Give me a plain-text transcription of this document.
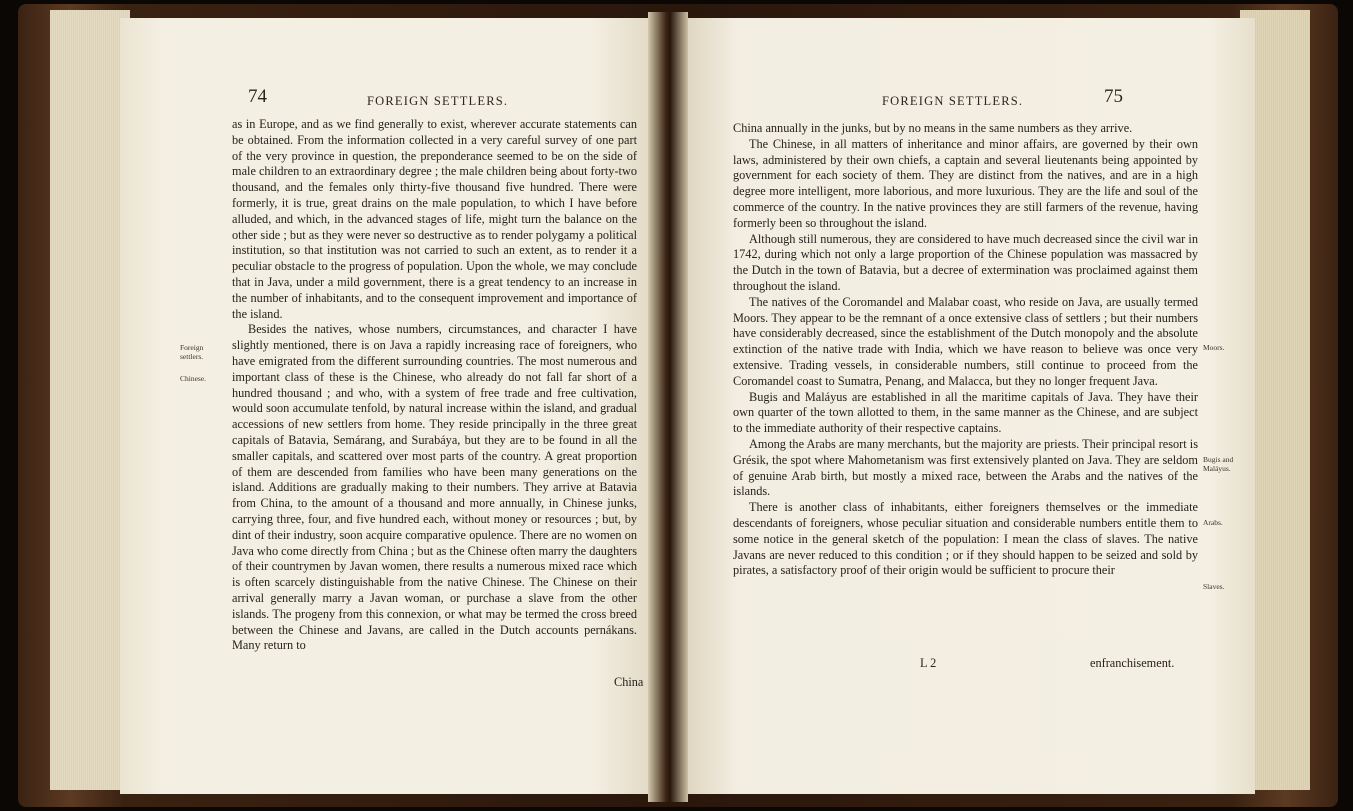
74	FOREIGN SETTLERS.

as in Europe, and as we find generally to exist, wherever accurate statements can be obtained. From the information collected in a very careful survey of one part of the very province in question, the preponderance seemed to be on the side of male children to an extraordinary degree ; the male children being about forty-two thousand, and the females only thirty-five thousand five hundred. There were formerly, it is true, great drains on the male population, to which I have before alluded, and which, in the advanced stages of life, might turn the balance on the other side ; but as they were never so destructive as to render polygamy a political institution, so that institution was not carried to such an extent, as to render it a peculiar obstacle to the progress of population. Upon the whole, we may conclude that in Java, under a mild government, there is a great tendency to an increase in the number of inhabitants, and to the consequent improvement and importance of the island.

Besides the natives, whose numbers, circumstances, and character I have slightly mentioned, there is on Java a rapidly increasing race of foreigners, who have emigrated from the different surrounding countries. The most numerous and important class of these is the Chinese, who already do not fall far short of a hundred thousand ; and who, with a system of free trade and free cultivation, would soon accumulate tenfold, by natural increase within the island, and gradual accessions of new settlers from home. They reside principally in the three great capitals of Batavia, Semárang, and Surabáya, but they are to be found in all the smaller capitals, and scattered over most parts of the country. A great proportion of them are descended from families who have been many generations on the island. Additions are gradually making to their numbers. They arrive at Batavia from China, to the amount of a thousand and more annually, in Chinese junks, carrying three, four, and five hundred each, without money or resources ; but, by dint of their industry, soon acquire comparative opulence. There are no women on Java who come directly from China ; but as the Chinese often marry the daughters of their countrymen by Javan women, there results a numerous mixed race which is often scarcely distinguishable from the native Chinese. The Chinese on their arrival generally marry a Javan woman, or purchase a slave from the other islands. The progeny from this connexion, or what may be termed the cross breed between the Chinese and Javans, are called in the Dutch accounts pernákans. Many return to

China
Foreign settlers.
Chinese.
FOREIGN SETTLERS.	75

China annually in the junks, but by no means in the same numbers as they arrive.

The Chinese, in all matters of inheritance and minor affairs, are governed by their own laws, administered by their own chiefs, a captain and several lieutenants being appointed by government for each society of them. They are distinct from the natives, and are in a high degree more intelligent, more laborious, and more luxurious. They are the life and soul of the commerce of the country. In the native provinces they are still farmers of the revenue, having formerly been so throughout the island.

Although still numerous, they are considered to have much decreased since the civil war in 1742, during which not only a large proportion of the Chinese population was massacred by the Dutch in the town of Batavia, but a decree of extermination was proclaimed against them throughout the island.

The natives of the Coromandel and Malabar coast, who reside on Java, are usually termed Moors. They appear to be the remnant of a once extensive class of settlers ; but their numbers have considerably decreased, since the establishment of the Dutch monopoly and the absolute extinction of the native trade with India, which we have reason to believe was once very extensive. Trading vessels, in considerable numbers, still continue to proceed from the Coromandel coast to Sumatra, Penang, and Malacca, but they no longer frequent Java.

Bugis and Maláyus are established in all the maritime capitals of Java. They have their own quarter of the town allotted to them, in the same manner as the Chinese, and are subject to the immediate authority of their respective captains.

Among the Arabs are many merchants, but the majority are priests. Their principal resort is Grésik, the spot where Mahometanism was first extensively planted on Java. They are seldom of genuine Arab birth, but mostly a mixed race, between the Arabs and the natives of the islands.

There is another class of inhabitants, either foreigners themselves or the immediate descendants of foreigners, whose peculiar situation and considerable numbers entitle them to some notice in the general sketch of the population: I mean the class of slaves. The native Javans are never reduced to this condition ; or if they should happen to be seized and sold by pirates, a satisfactory proof of their origin would be sufficient to procure their

L 2	enfranchisement.
Moors.
Bugis and Maláyus.
Arabs.
Slaves.
